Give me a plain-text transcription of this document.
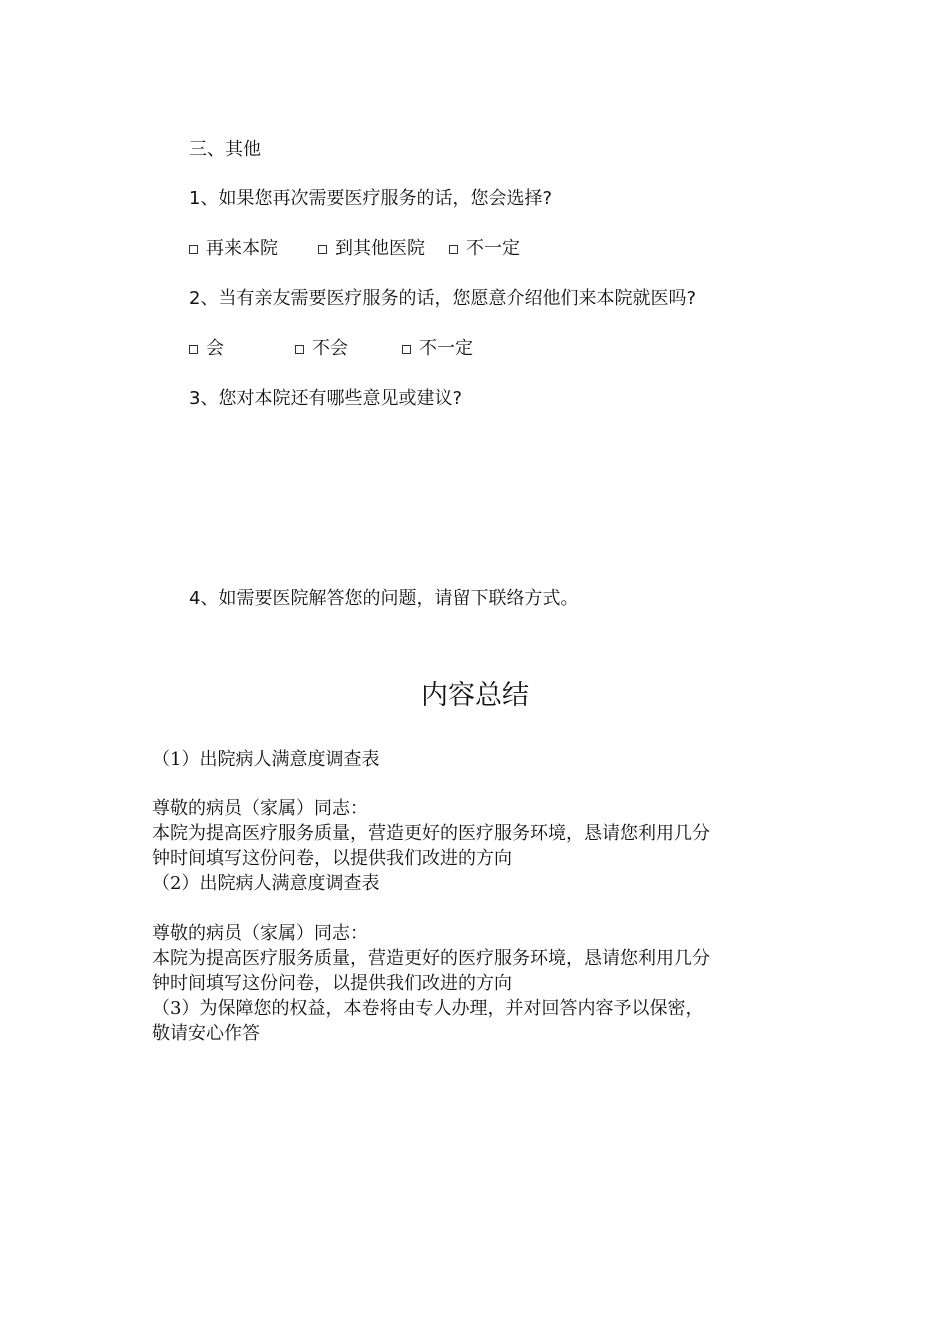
三、其他
1、如果您再次需要医疗服务的话，您会选择?
再来本院	到其他医院 不一定
2、当有亲友需要医疗服务的话，您愿意介绍他们来本院就医吗?
会	不会	不一定
3、您对本院还有哪些意见或建议?
4、如需要医院解答您的问题，请留下联络方式。
内容总结
（1）出院病人满意度调查表
尊敬的病员（家属）同志：
本院为提高医疗服务质量，营造更好的医疗服务环境，恳请您利用几分
钟时间填写这份问卷，以提供我们改进的方向
（2）出院病人满意度调查表
尊敬的病员（家属）同志：
本院为提高医疗服务质量，营造更好的医疗服务环境，恳请您利用几分
钟时间填写这份问卷，以提供我们改进的方向
（3）为保障您的权益，本卷将由专人办理，并对回答内容予以保密，
敬请安心作答
